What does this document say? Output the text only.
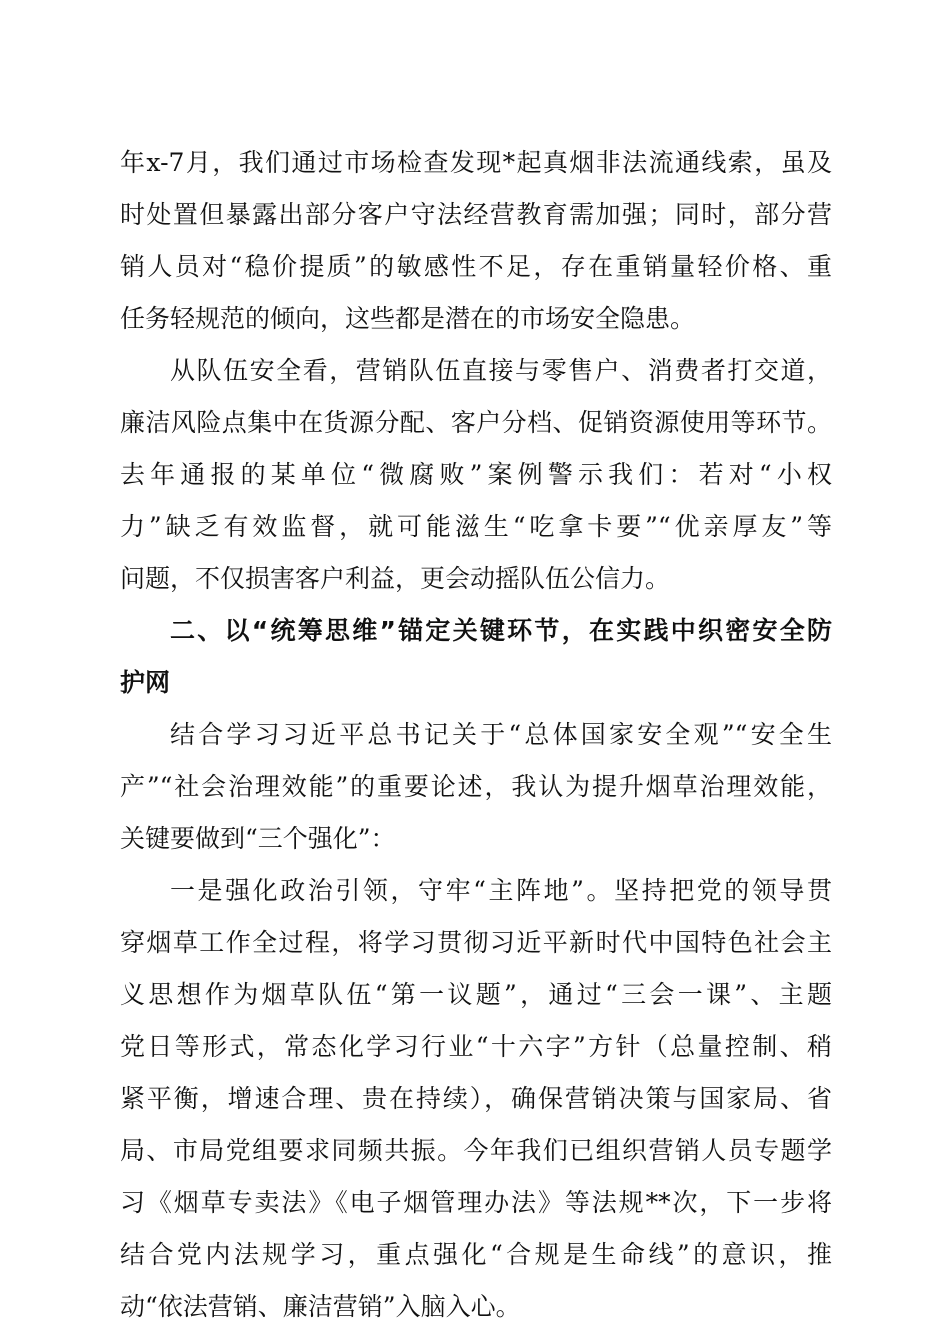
年x-7月，我们通过市场检查发现*起真烟非法流通线索，虽及
时处置但暴露出部分客户守法经营教育需加强；同时，部分营
销人员对“稳价提质”的敏感性不足，存在重销量轻价格、重
任务轻规范的倾向，这些都是潜在的市场安全隐患。
从队伍安全看，营销队伍直接与零售户、消费者打交道，
廉洁风险点集中在货源分配、客户分档、促销资源使用等环节。
去年通报的某单位“微腐败”案例警示我们：若对“小权
力”缺乏有效监督，就可能滋生“吃拿卡要”“优亲厚友”等
问题，不仅损害客户利益，更会动摇队伍公信力。
二、以“统筹思维”锚定关键环节，在实践中织密安全防
护网
结合学习习近平总书记关于“总体国家安全观”“安全生
产”“社会治理效能”的重要论述，我认为提升烟草治理效能，
关键要做到“三个强化”：
一是强化政治引领，守牢“主阵地”。坚持把党的领导贯
穿烟草工作全过程，将学习贯彻习近平新时代中国特色社会主
义思想作为烟草队伍“第一议题”，通过“三会一课”、主题
党日等形式，常态化学习行业“十六字”方针（总量控制、稍
紧平衡，增速合理、贵在持续），确保营销决策与国家局、省
局、市局党组要求同频共振。今年我们已组织营销人员专题学
习《烟草专卖法》《电子烟管理办法》等法规**次，下一步将
结合党内法规学习，重点强化“合规是生命线”的意识，推
动“依法营销、廉洁营销”入脑入心。
